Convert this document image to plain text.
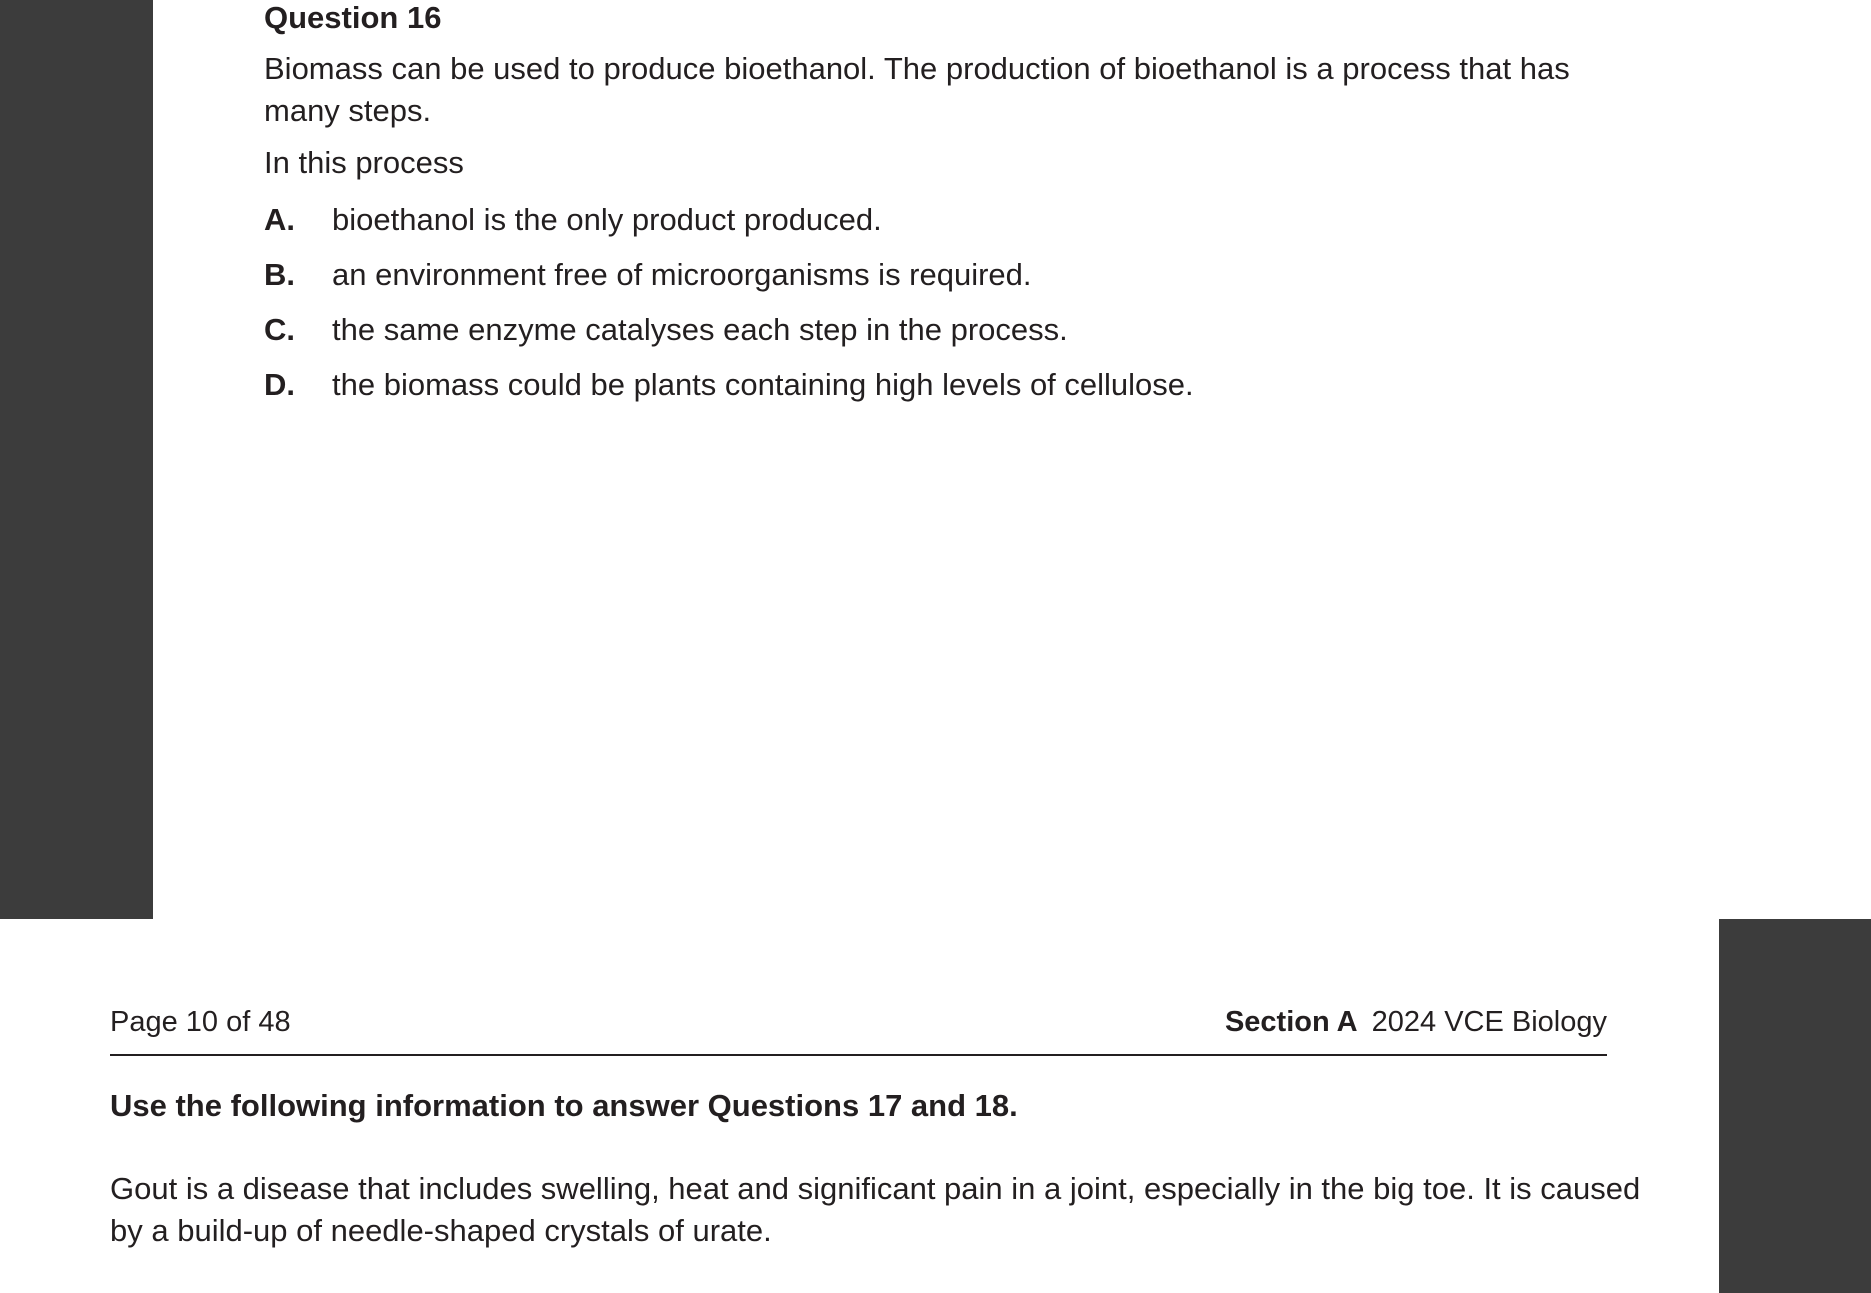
Question 16

Biomass can be used to produce bioethanol. The production of bioethanol is a process that has many steps.

In this process

A.	bioethanol is the only product produced.
B.	an environment free of microorganisms is required.
C.	the same enzyme catalyses each step in the process.
D.	the biomass could be plants containing high levels of cellulose.
Page 10 of 48	Section A 2024 VCE Biology
Use the following information to answer Questions 17 and 18.

Gout is a disease that includes swelling, heat and significant pain in a joint, especially in the big toe. It is caused by a build-up of needle-shaped crystals of urate.
